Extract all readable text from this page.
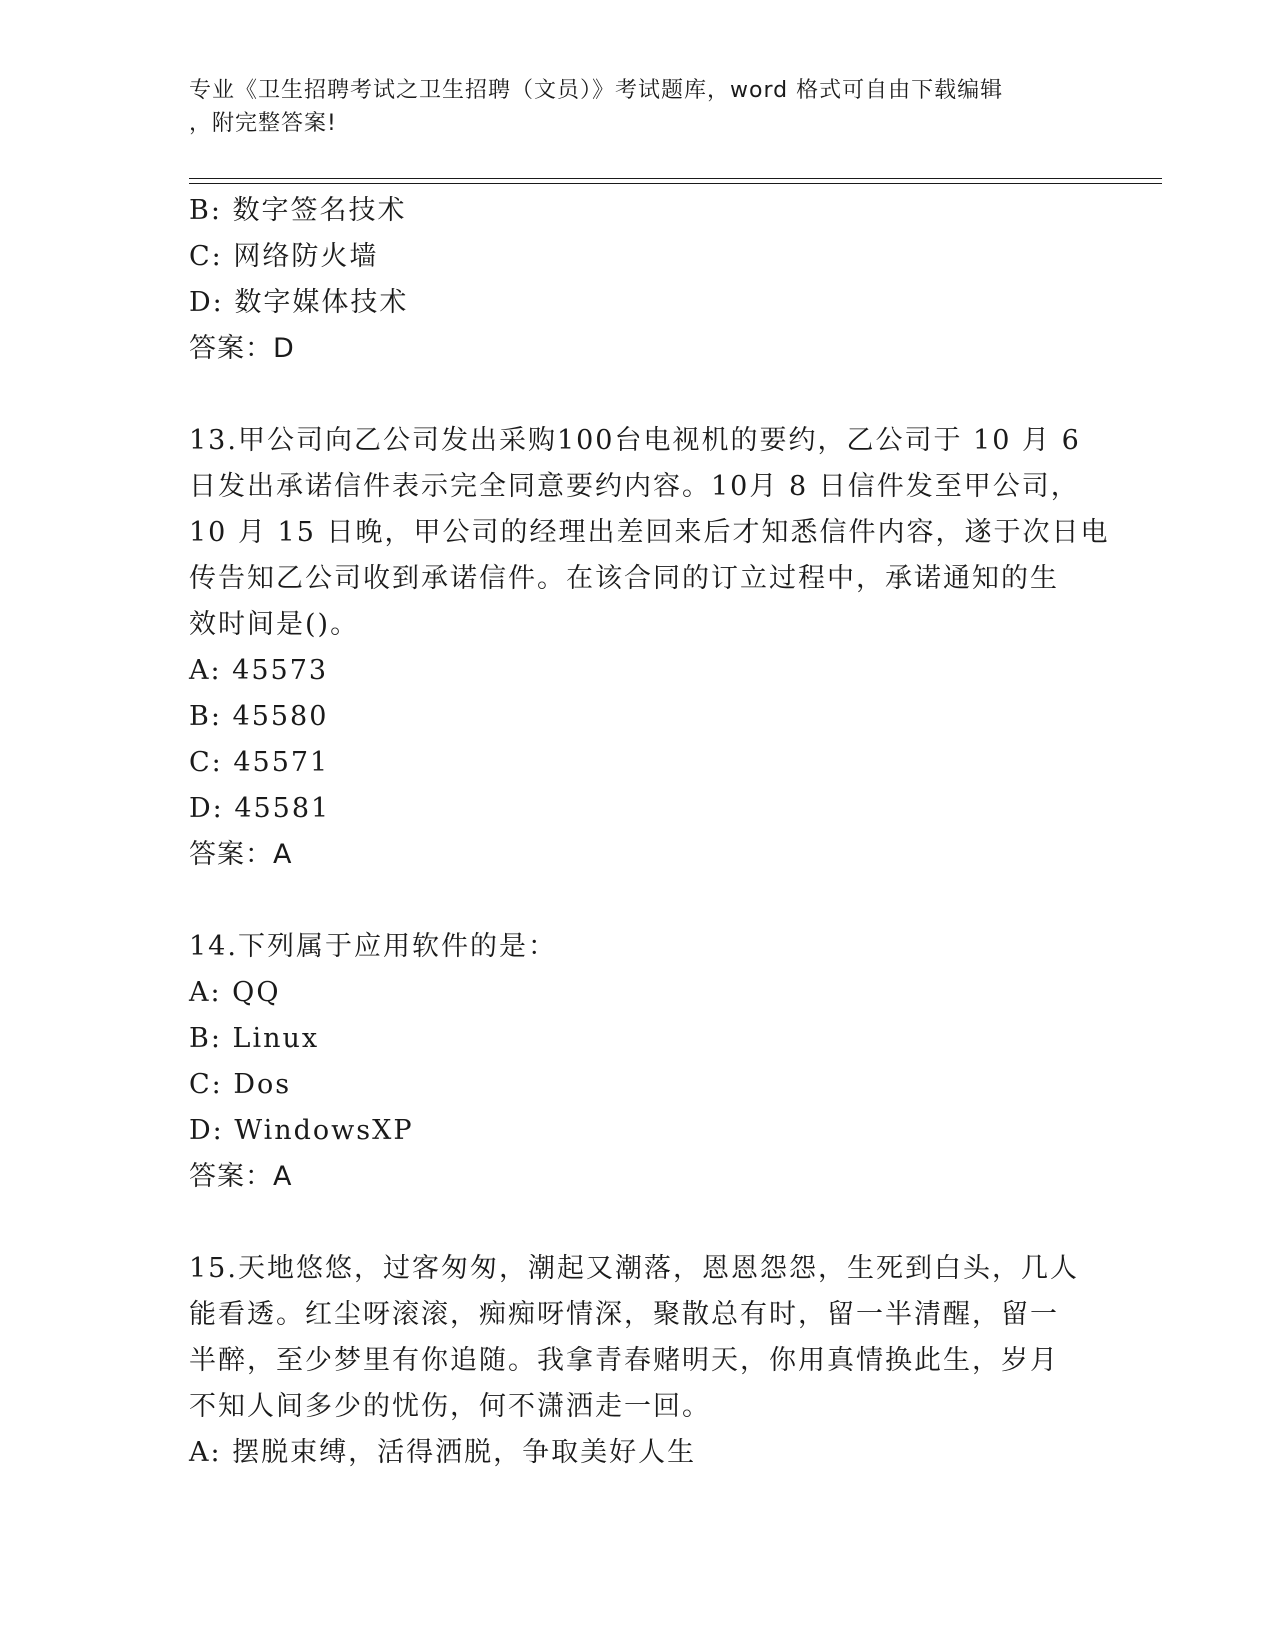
专业《卫生招聘考试之卫生招聘（文员）》考试题库，word 格式可自由下载编辑
，附完整答案!
B: 数字签名技术
C: 网络防火墙
D: 数字媒体技术
答案：D
13.甲公司向乙公司发出采购100台电视机的要约，乙公司于 10 月 6
日发出承诺信件表示完全同意要约内容。10月 8 日信件发至甲公司，
10 月 15 日晚，甲公司的经理出差回来后才知悉信件内容，遂于次日电
传告知乙公司收到承诺信件。在该合同的订立过程中，承诺通知的生
效时间是()。
A: 45573
B: 45580
C: 45571
D: 45581
答案：A
14.下列属于应用软件的是：
A: QQ
B: Linux
C: Dos
D: WindowsXP
答案：A
15.天地悠悠，过客匆匆，潮起又潮落，恩恩怨怨，生死到白头，几人
能看透。红尘呀滚滚，痴痴呀情深，聚散总有时，留一半清醒，留一
半醉，至少梦里有你追随。我拿青春赌明天，你用真情换此生，岁月
不知人间多少的忧伤，何不潇洒走一回。
A: 摆脱束缚，活得洒脱，争取美好人生
